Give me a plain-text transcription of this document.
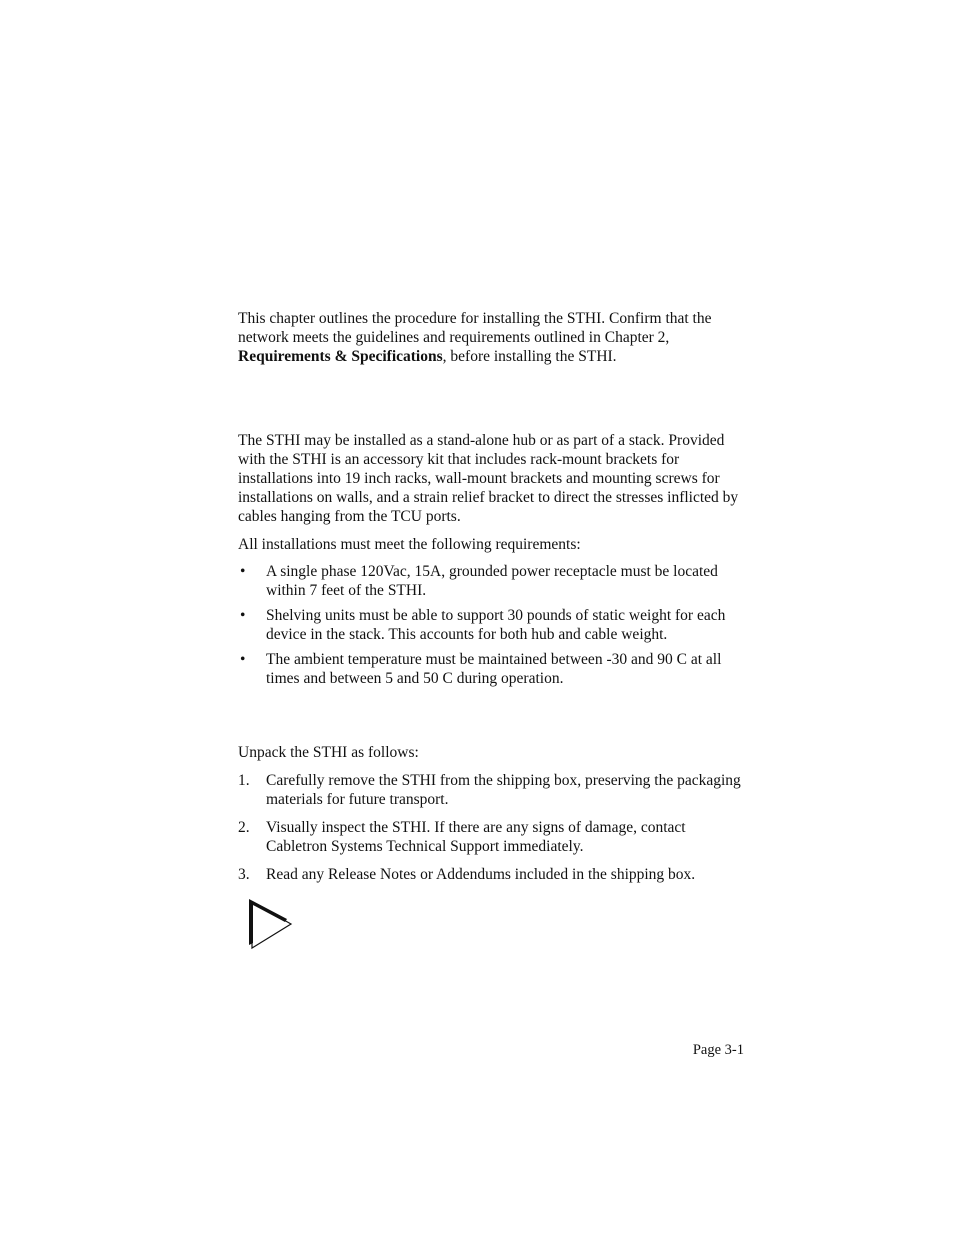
This chapter outlines the procedure for installing the STHI. Confirm that the network meets the guidelines and requirements outlined in Chapter 2, Requirements & Specifications, before installing the STHI.

The STHI may be installed as a stand-alone hub or as part of a stack. Provided with the STHI is an accessory kit that includes rack-mount brackets for installations into 19 inch racks, wall-mount brackets and mounting screws for installations on walls, and a strain relief bracket to direct the stresses inflicted by cables hanging from the TCU ports.

All installations must meet the following requirements:

•	A single phase 120Vac, 15A, grounded power receptacle must be located within 7 feet of the STHI.
•	Shelving units must be able to support 30 pounds of static weight for each device in the stack. This accounts for both hub and cable weight.
•	The ambient temperature must be maintained between -30 and 90 C at all times and between 5 and 50 C during operation.

Unpack the STHI as follows:

1.	Carefully remove the STHI from the shipping box, preserving the packaging materials for future transport.
2.	Visually inspect the STHI. If there are any signs of damage, contact Cabletron Systems Technical Support immediately.
3.	Read any Release Notes or Addendums included in the shipping box.
Page 3-1
